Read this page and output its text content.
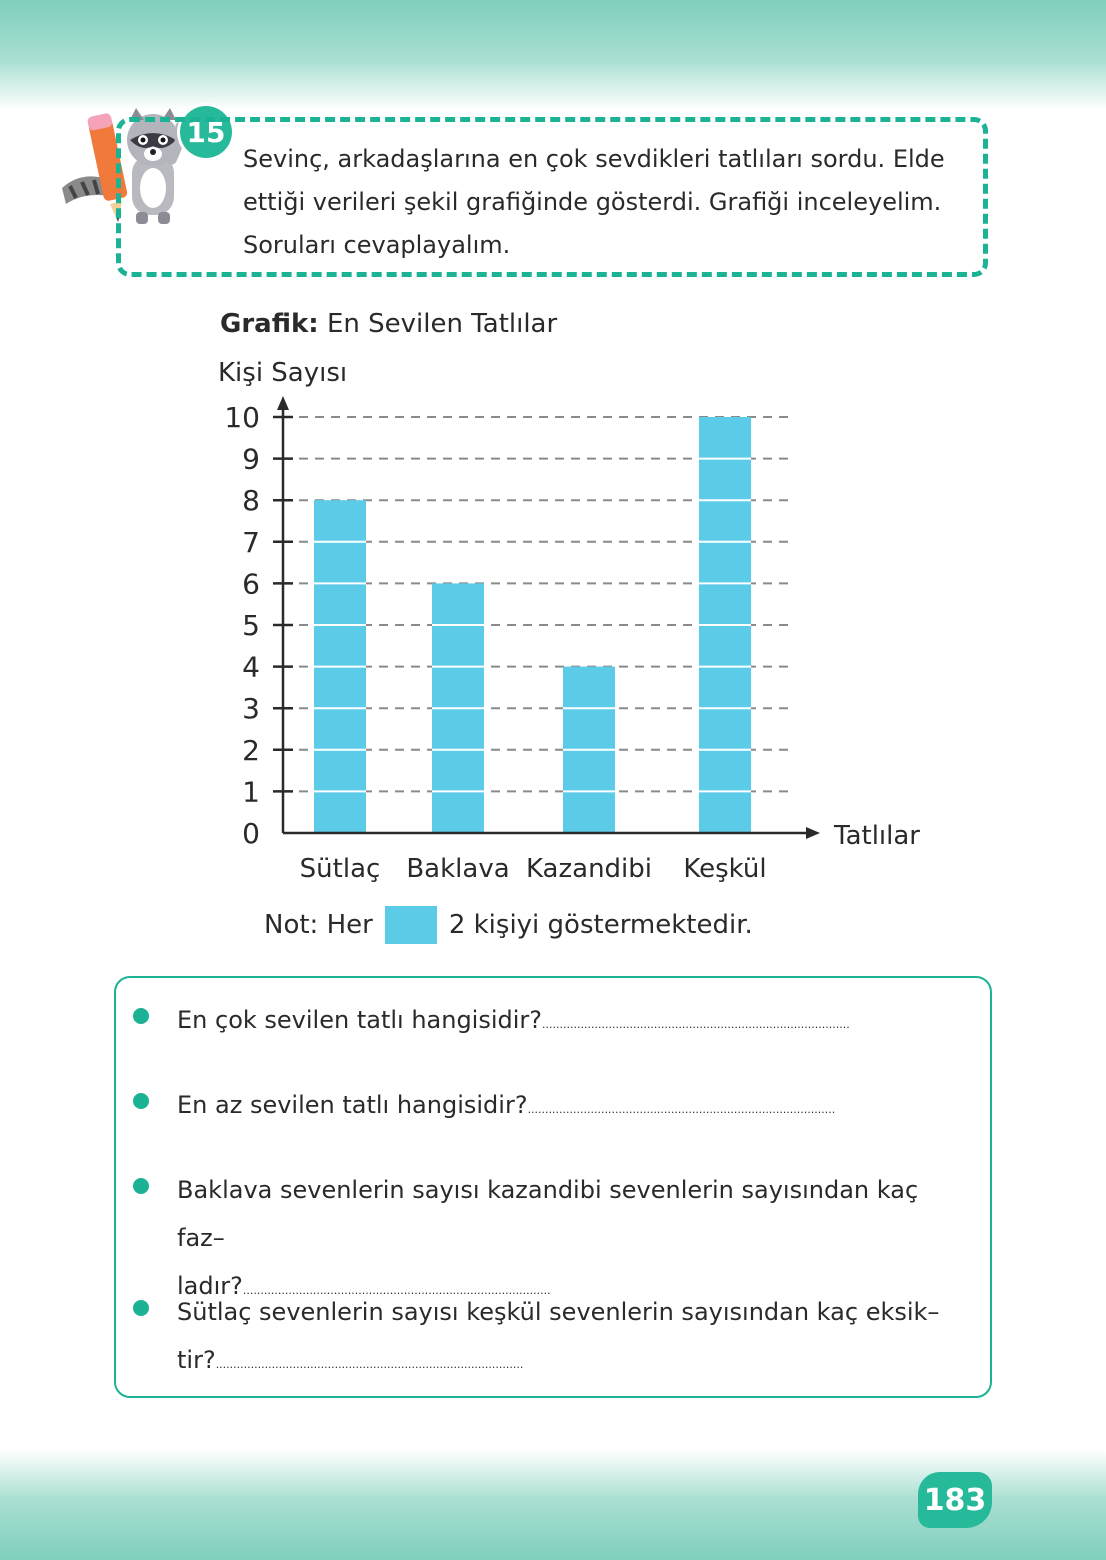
15
Sevinç, arkadaşlarına en çok sevdikleri tatlıları sordu. Elde
ettiği verileri şekil grafiğinde gösterdi. Grafiği inceleyelim.
Soruları cevaplayalım.
Grafik: En Sevilen Tatlılar
0
1
2
3
4
5
6
7
8
9
10
Sütlaç Baklava Kazandibi Keşkül
Kişi Sayısı
Tatlılar
Not: Her	2 kişiyi göstermektedir.
En çok sevilen tatlı hangisidir?........................................................................................
En az sevilen tatlı hangisidir?........................................................................................
Baklava sevenlerin sayısı kazandibi sevenlerin sayısından kaç faz–
ladır?........................................................................................
Sütlaç sevenlerin sayısı keşkül sevenlerin sayısından kaç eksik–
tir?........................................................................................
183
